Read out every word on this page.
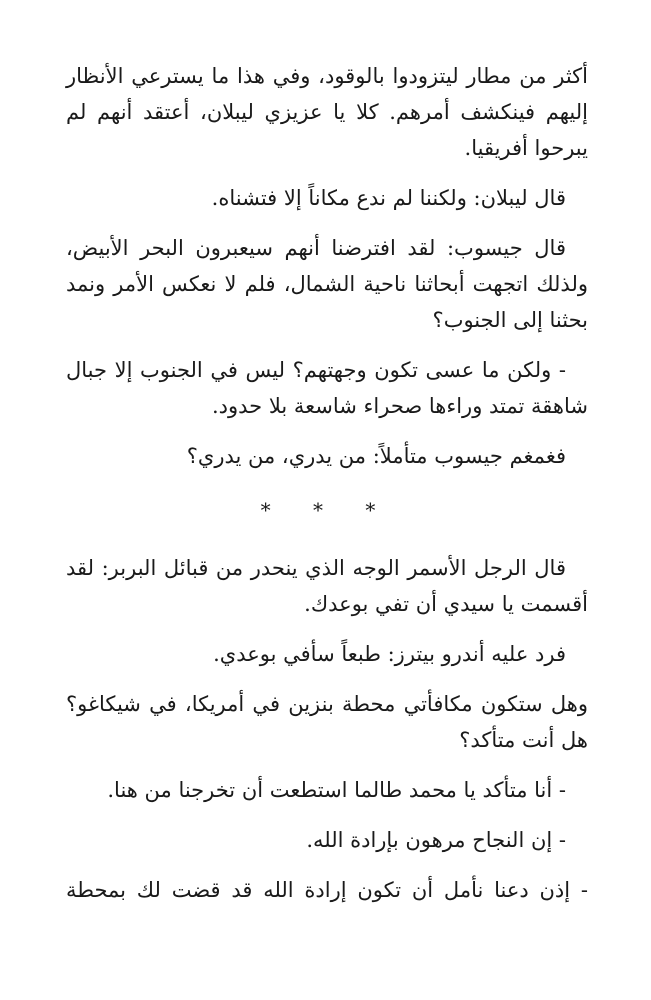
أكثر من مطار ليتزودوا بالوقود، وفي هذا ما يسترعي الأنظار إليهم فينكشف أمرهم. كلا يا عزيزي ليبلان، أعتقد أنهم لم يبرحوا أفريقيا.

قال ليبلان: ولكننا لم ندع مكاناً إلا فتشناه.

قال جيسوب: لقد افترضنا أنهم سيعبرون البحر الأبيض، ولذلك اتجهت أبحاثنا ناحية الشمال، فلم لا نعكس الأمر ونمد بحثنا إلى الجنوب؟

- ولكن ما عسى تكون وجهتهم؟ ليس في الجنوب إلا جبال شاهقة تمتد وراءها صحراء شاسعة بلا حدود.

فغمغم جيسوب متأملاً: من يدري، من يدري؟

* * *

قال الرجل الأسمر الوجه الذي ينحدر من قبائل البربر: لقد أقسمت يا سيدي أن تفي بوعدك.

فرد عليه أندرو بيترز: طبعاً سأفي بوعدي.

وهل ستكون مكافأتي محطة بنزين في أمريكا، في شيكاغو؟ هل أنت متأكد؟

- أنا متأكد يا محمد طالما استطعت أن تخرجنا من هنا.

- إن النجاح مرهون بإرادة الله.

- إذن دعنا نأمل أن تكون إرادة الله قد قضت لك بمحطة
